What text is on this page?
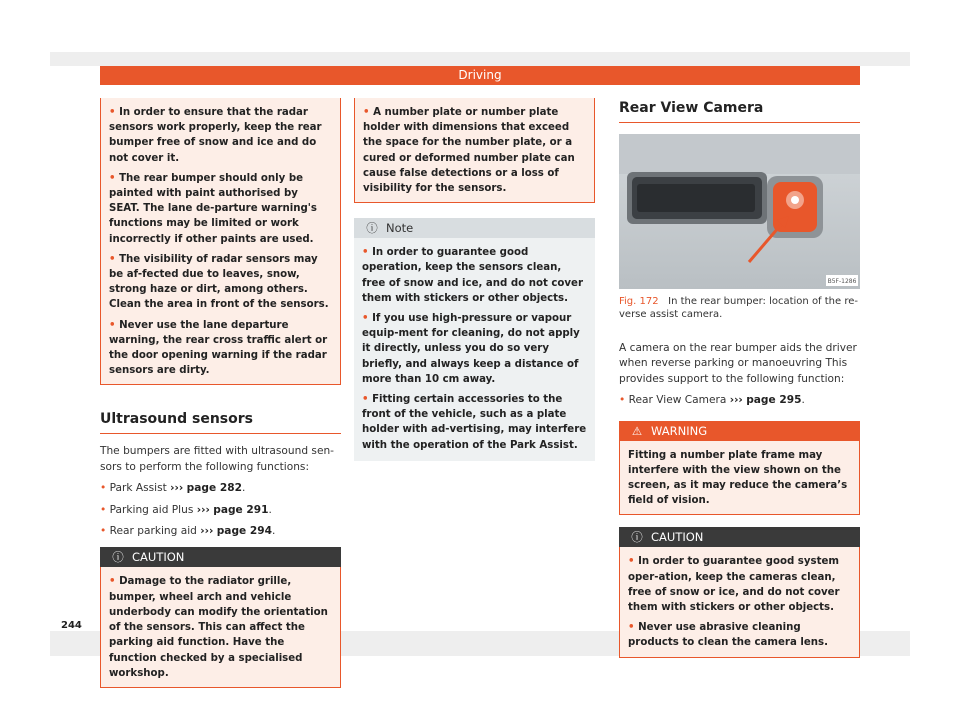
Driving

• In order to ensure that the radar sensors work properly, keep the rear bumper free of snow and ice and do not cover it.

• The rear bumper should only be painted with paint authorised by SEAT. The lane de-parture warning's functions may be limited or work incorrectly if other paints are used.

• The visibility of radar sensors may be af-fected due to leaves, snow, strong haze or dirt, among others. Clean the area in front of the sensors.

• Never use the lane departure warning, the rear cross traffic alert or the door opening warning if the radar sensors are dirty.

Ultrasound sensors

The bumpers are fitted with ultrasound sen-sors to perform the following functions:

• Park Assist ››› page 282.

• Parking aid Plus ››› page 291.

• Rear parking aid ››› page 294.

ⓘ CAUTION

• Damage to the radiator grille, bumper, wheel arch and vehicle underbody can modify the orientation of the sensors. This can affect the parking aid function. Have the function checked by a specialised workshop.

• A number plate or number plate holder with dimensions that exceed the space for the number plate, or a cured or deformed number plate can cause false detections or a loss of visibility for the sensors.

ⓘ Note

• In order to guarantee good operation, keep the sensors clean, free of snow and ice, and do not cover them with stickers or other objects.

• If you use high-pressure or vapour equip-ment for cleaning, do not apply it directly, unless you do so very briefly, and always keep a distance of more than 10 cm away.

• Fitting certain accessories to the front of the vehicle, such as a plate holder with ad-vertising, may interfere with the operation of the Park Assist.

Rear View Camera
B5F-1286
Fig. 172 In the rear bumper: location of the re-verse assist camera.

A camera on the rear bumper aids the driver when reverse parking or manoeuvring This provides support to the following function:

• Rear View Camera ››› page 295.

⚠ WARNING

Fitting a number plate frame may interfere with the view shown on the screen, as it may reduce the camera’s field of vision.

ⓘ CAUTION

• In order to guarantee good system oper-ation, keep the cameras clean, free of snow or ice, and do not cover them with stickers or other objects.

• Never use abrasive cleaning products to clean the camera lens.

244
